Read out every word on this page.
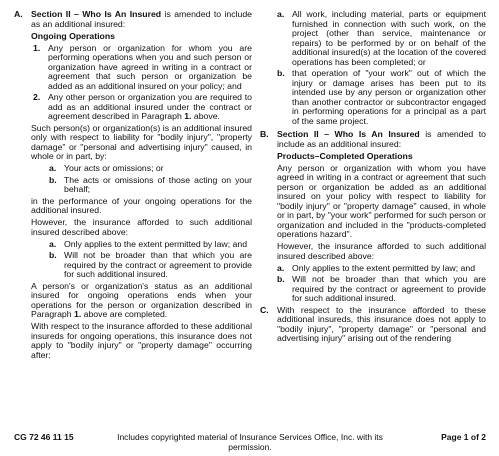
A. Section II – Who Is An Insured is amended to include as an additional insured:

Ongoing Operations
1. Any person or organization for whom you are performing operations when you and such person or organization have agreed in writing in a contract or agreement that such person or organization be added as an additional insured on your policy; and
2. Any other person or organization you are required to add as an additional insured under the contract or agreement described in Paragraph 1. above.

Such person(s) or organization(s) is an additional insured only with respect to liability for "bodily injury", "property damage" or "personal and advertising injury" caused, in whole or in part, by:

a. Your acts or omissions; or
b. The acts or omissions of those acting on your behalf;

in the performance of your ongoing operations for the additional insured.

However, the insurance afforded to such additional insured described above:

a. Only applies to the extent permitted by law; and
b. Will not be broader than that which you are required by the contract or agreement to provide for such additional insured.

A person's or organization's status as an additional insured for ongoing operations ends when your operations for the person or organization described in Paragraph 1. above are completed.

With respect to the insurance afforded to these additional insureds for ongoing operations, this insurance does not apply to "bodily injury" or "property damage" occurring after:

a. All work, including material, parts or equipment furnished in connection with such work, on the project (other than service, maintenance or repairs) to be performed by or on behalf of the additional insured(s) at the location of the covered operations has been completed; or
b. that operation of "your work" out of which the injury or damage arises has been put to its intended use by any person or organization other than another contractor or subcontractor engaged in performing operations for a principal as a part of the same project.

B. Section II – Who Is An Insured is amended to include as an additional insured:

Products–Completed Operations

Any person or organization with whom you have agreed in writing in a contract or agreement that such person or organization be added as an additional insured on your policy with respect to liability for "bodily injury" or "property damage" caused, in whole or in part, by "your work" performed for such person or organization and included in the "products-completed operations hazard".

However, the insurance afforded to such additional insured described above:

a. Only applies to the extent permitted by law; and
b. Will not be broader than that which you are required by the contract or agreement to provide for such additional insured.

C. With respect to the insurance afforded to these additional insureds, this insurance does not apply to "bodily injury", "property damage" or "personal and advertising injury" arising out of the rendering

CG 72 46 11 15	Includes copyrighted material of Insurance Services Office, Inc. with its permission.
Page 1 of 2
